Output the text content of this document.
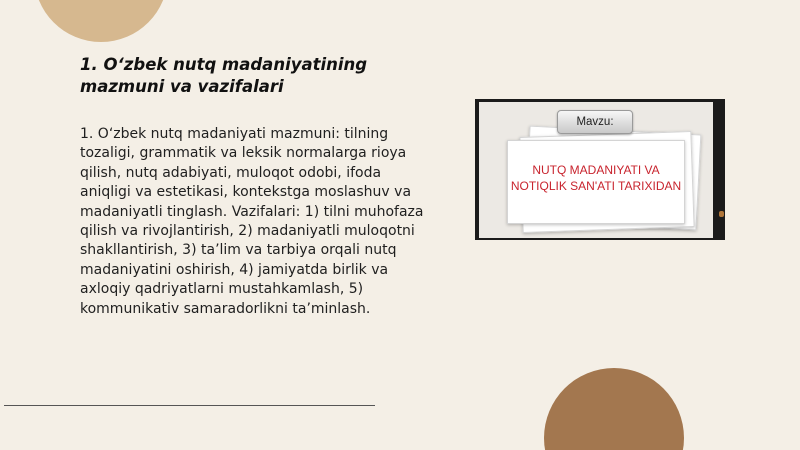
1. O‘zbek nutq madaniyatining mazmuni va vazifalari

1. O‘zbek nutq madaniyati mazmuni: tilning tozaligi, grammatik va leksik normalarga rioya qilish, nutq adabiyati, muloqot odobi, ifoda aniqligi va estetikasi, kontekstga moslashuv va madaniyatli tinglash. Vazifalari: 1) tilni muhofaza qilish va rivojlantirish, 2) madaniyatli muloqotni shakllantirish, 3) ta’lim va tarbiya orqali nutq madaniyatini oshirish, 4) jamiyatda birlik va axloqiy qadriyatlarni mustahkamlash, 5) kommunikativ samaradorlikni ta’minlash.

NUTQ MADANIYATI VA NOTIQLIK SAN'ATI TARIXIDAN
Mavzu:
